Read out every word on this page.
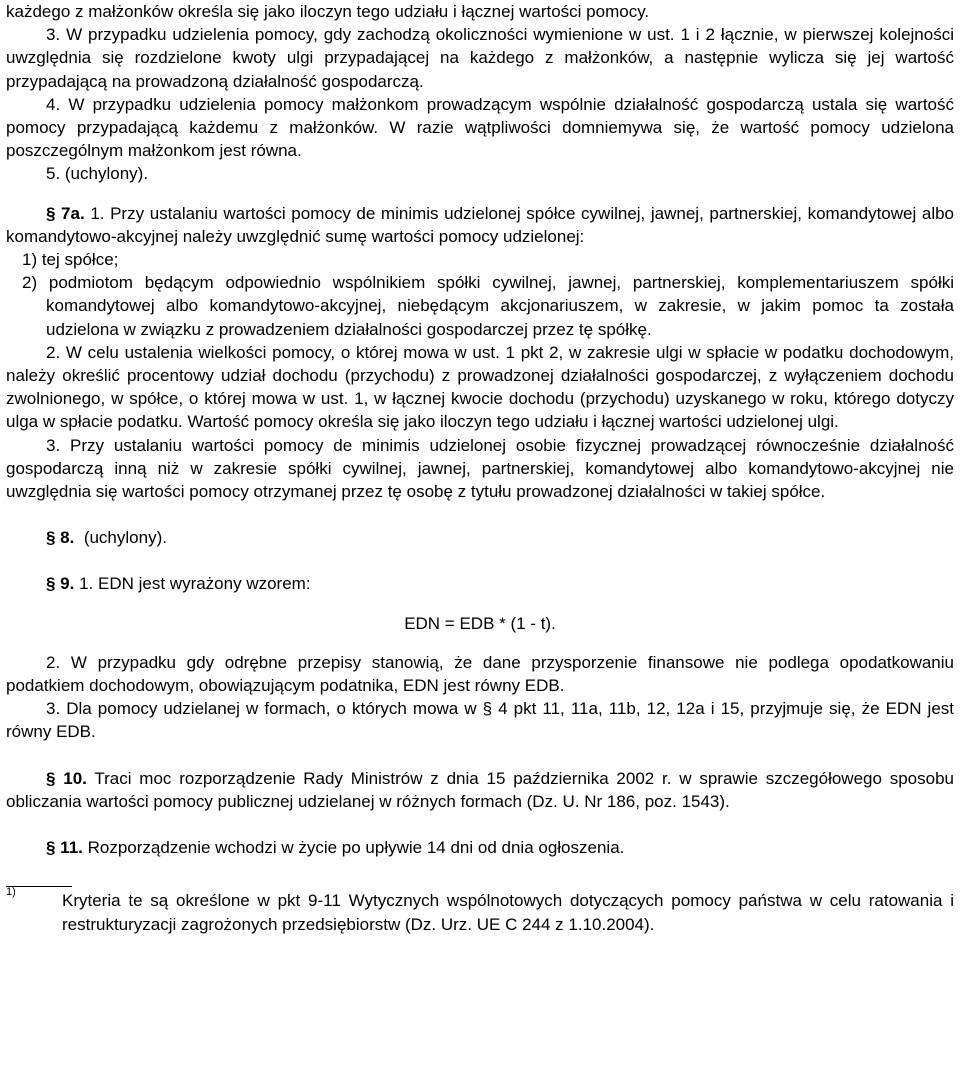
każdego z małżonków określa się jako iloczyn tego udziału i łącznej wartości pomocy.

3. W przypadku udzielenia pomocy, gdy zachodzą okoliczności wymienione w ust. 1 i 2 łącznie, w pierwszej kolejności uwzględnia się rozdzielone kwoty ulgi przypadającej na każdego z małżonków, a następnie wylicza się jej wartość przypadającą na prowadzoną działalność gospodarczą.

4. W przypadku udzielenia pomocy małżonkom prowadzącym wspólnie działalność gospodarczą ustala się wartość pomocy przypadającą każdemu z małżonków. W razie wątpliwości domniemywa się, że wartość pomocy udzielona poszczególnym małżonkom jest równa.

5. (uchylony).

§ 7a. 1. Przy ustalaniu wartości pomocy de minimis udzielonej spółce cywilnej, jawnej, partnerskiej, komandytowej albo komandytowo-akcyjnej należy uwzględnić sumę wartości pomocy udzielonej:

1) tej spółce;

2) podmiotom będącym odpowiednio wspólnikiem spółki cywilnej, jawnej, partnerskiej, komplementariuszem spółki komandytowej albo komandytowo-akcyjnej, niebędącym akcjonariuszem, w zakresie, w jakim pomoc ta została udzielona w związku z prowadzeniem działalności gospodarczej przez tę spółkę.

2. W celu ustalenia wielkości pomocy, o której mowa w ust. 1 pkt 2, w zakresie ulgi w spłacie w podatku dochodowym, należy określić procentowy udział dochodu (przychodu) z prowadzonej działalności gospodarczej, z wyłączeniem dochodu zwolnionego, w spółce, o której mowa w ust. 1, w łącznej kwocie dochodu (przychodu) uzyskanego w roku, którego dotyczy ulga w spłacie podatku. Wartość pomocy określa się jako iloczyn tego udziału i łącznej wartości udzielonej ulgi.

3. Przy ustalaniu wartości pomocy de minimis udzielonej osobie fizycznej prowadzącej równocześnie działalność gospodarczą inną niż w zakresie spółki cywilnej, jawnej, partnerskiej, komandytowej albo komandytowo-akcyjnej nie uwzględnia się wartości pomocy otrzymanej przez tę osobę z tytułu prowadzonej działalności w takiej spółce.

§ 8. (uchylony).

§ 9. 1. EDN jest wyrażony wzorem:

EDN = EDB * (1 - t).

2. W przypadku gdy odrębne przepisy stanowią, że dane przysporzenie finansowe nie podlega opodatkowaniu podatkiem dochodowym, obowiązującym podatnika, EDN jest równy EDB.

3. Dla pomocy udzielanej w formach, o których mowa w § 4 pkt 11, 11a, 11b, 12, 12a i 15, przyjmuje się, że EDN jest równy EDB.

§ 10. Traci moc rozporządzenie Rady Ministrów z dnia 15 października 2002 r. w sprawie szczegółowego sposobu obliczania wartości pomocy publicznej udzielanej w różnych formach (Dz. U. Nr 186, poz. 1543).

§ 11. Rozporządzenie wchodzi w życie po upływie 14 dni od dnia ogłoszenia.

1)	Kryteria te są określone w pkt 9-11 Wytycznych wspólnotowych dotyczących pomocy państwa w celu ratowania i restrukturyzacji zagrożonych przedsiębiorstw (Dz. Urz. UE C 244 z 1.10.2004).
